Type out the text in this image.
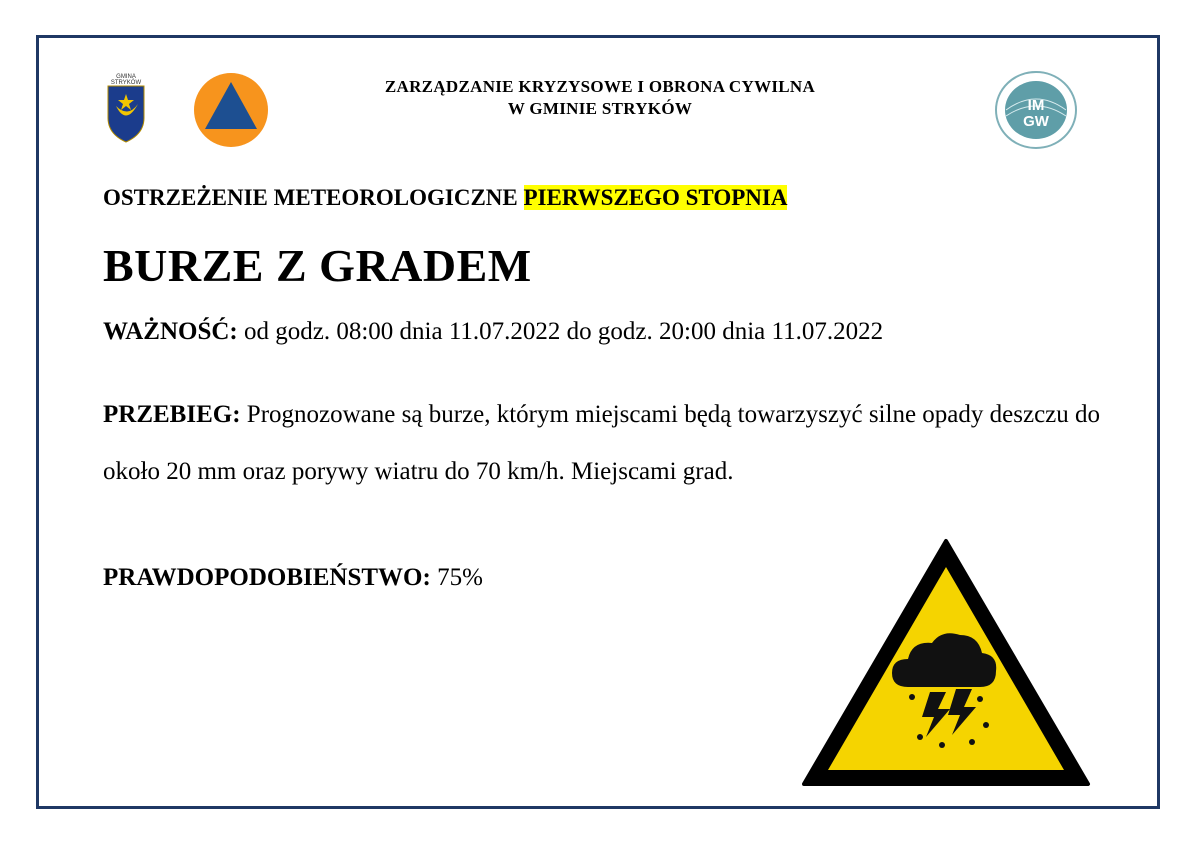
GMINA STRYKÓW	ZARZĄDZANIE KRYZYSOWE I OBRONA CYWILNA
W GMINIE STRYKÓW	IM
GW
OSTRZEŻENIE METEOROLOGICZNE PIERWSZEGO STOPNIA
BURZE Z GRADEM
WAŻNOŚĆ: od godz. 08:00 dnia 11.07.2022 do godz. 20:00 dnia 11.07.2022
PRZEBIEG: Prognozowane są burze, którym miejscami będą towarzyszyć silne opady deszczu do około 20 mm oraz porywy wiatru do 70 km/h. Miejscami grad.
PRAWDOPODOBIEŃSTWO: 75%
